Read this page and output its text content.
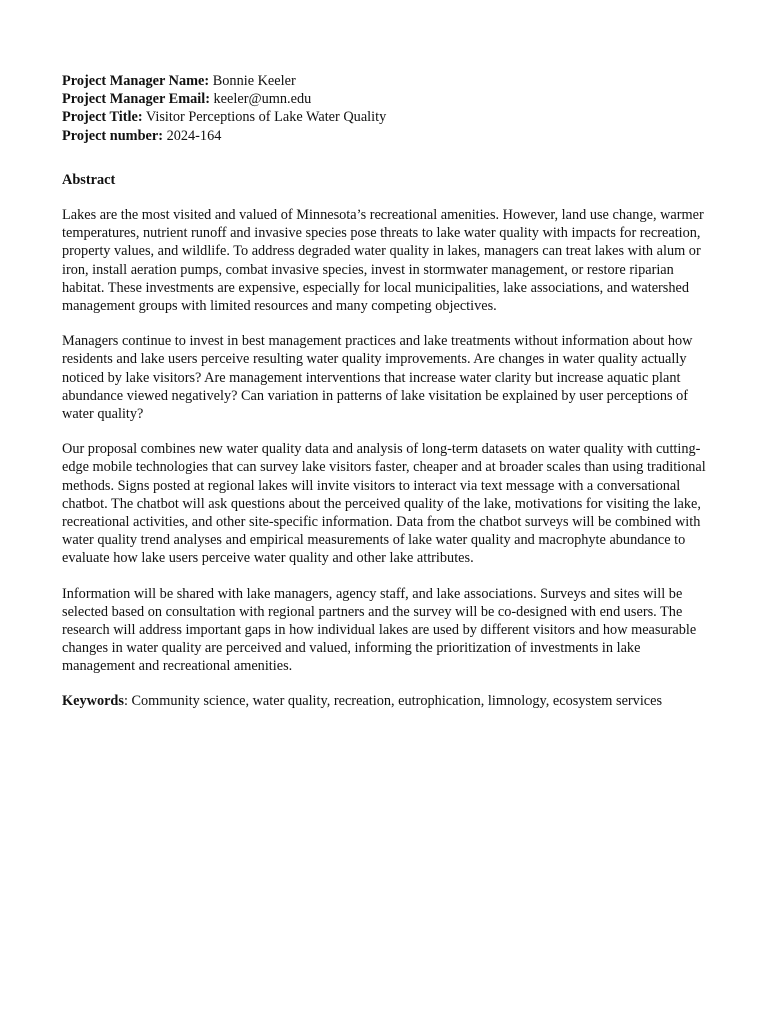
Project Manager Name: Bonnie Keeler

Project Manager Email: keeler@umn.edu

Project Title: Visitor Perceptions of Lake Water Quality

Project number: 2024-164

Abstract

Lakes are the most visited and valued of Minnesota’s recreational amenities. However, land use change, warmer temperatures, nutrient runoff and invasive species pose threats to lake water quality with impacts for recreation, property values, and wildlife. To address degraded water quality in lakes, managers can treat lakes with alum or iron, install aeration pumps, combat invasive species, invest in stormwater management, or restore riparian habitat. These investments are expensive, especially for local municipalities, lake associations, and watershed management groups with limited resources and many competing objectives.

Managers continue to invest in best management practices and lake treatments without information about how residents and lake users perceive resulting water quality improvements. Are changes in water quality actually noticed by lake visitors? Are management interventions that increase water clarity but increase aquatic plant abundance viewed negatively? Can variation in patterns of lake visitation be explained by user perceptions of water quality?

Our proposal combines new water quality data and analysis of long-term datasets on water quality with cutting-edge mobile technologies that can survey lake visitors faster, cheaper and at broader scales than using traditional methods. Signs posted at regional lakes will invite visitors to interact via text message with a conversational chatbot. The chatbot will ask questions about the perceived quality of the lake, motivations for visiting the lake, recreational activities, and other site-specific information. Data from the chatbot surveys will be combined with water quality trend analyses and empirical measurements of lake water quality and macrophyte abundance to evaluate how lake users perceive water quality and other lake attributes.

Information will be shared with lake managers, agency staff, and lake associations. Surveys and sites will be selected based on consultation with regional partners and the survey will be co-designed with end users. The research will address important gaps in how individual lakes are used by different visitors and how measurable changes in water quality are perceived and valued, informing the prioritization of investments in lake management and recreational amenities.

Keywords: Community science, water quality, recreation, eutrophication, limnology, ecosystem services
